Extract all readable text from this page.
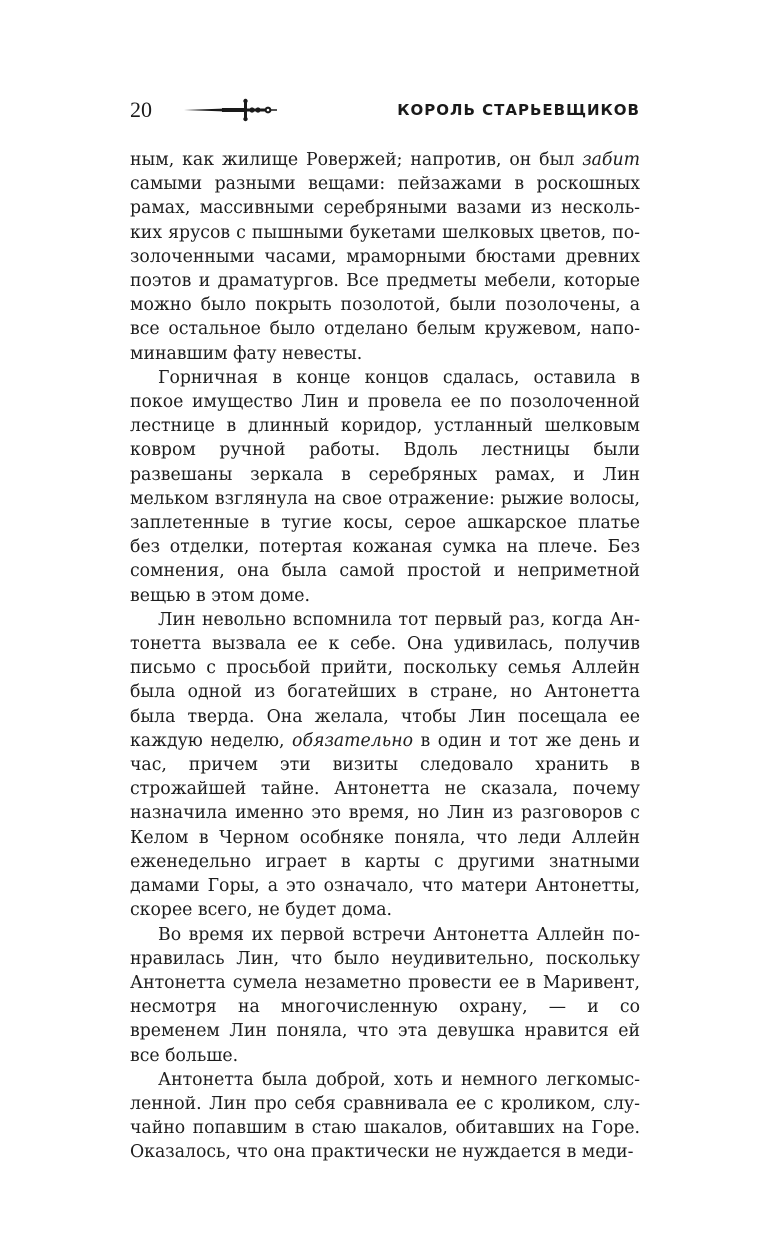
20	КОРОЛЬ СТАРЬЕВЩИКОВ

ным, как жилище Ровержей; напротив, он был забит самыми разными вещами: пейзажами в роскошных рамах, массивными серебряными вазами из нескольких ярусов с пышными букетами шелковых цветов, позолоченными часами, мраморными бюстами древних поэтов и драматургов. Все предметы мебели, которые можно было покрыть позолотой, были позолочены, а все остальное было отделано белым кружевом, напоминавшим фату невесты.

Горничная в конце концов сдалась, оставила в покое имущество Лин и провела ее по позолоченной лестнице в длинный коридор, устланный шелковым ковром ручной работы. Вдоль лестницы были развешаны зеркала в серебряных рамах, и Лин мельком взглянула на свое отражение: рыжие волосы, заплетенные в тугие косы, серое ашкарское платье без отделки, потертая кожаная сумка на плече. Без сомнения, она была самой простой и неприметной вещью в этом доме.

Лин невольно вспомнила тот первый раз, когда Антонетта вызвала ее к себе. Она удивилась, получив письмо с просьбой прийти, поскольку семья Аллейн была одной из богатейших в стране, но Антонетта была тверда. Она желала, чтобы Лин посещала ее каждую неделю, обязательно в один и тот же день и час, причем эти визиты следовало хранить в строжайшей тайне. Антонетта не сказала, почему назначила именно это время, но Лин из разговоров с Келом в Черном особняке поняла, что леди Аллейн еженедельно играет в карты с другими знатными дамами Горы, а это означало, что матери Антонетты, скорее всего, не будет дома.

Во время их первой встречи Антонетта Аллейн понравилась Лин, что было неудивительно, поскольку Антонетта сумела незаметно провести ее в Маривент, несмотря на многочисленную охрану, — и со временем Лин поняла, что эта девушка нравится ей все больше.

Антонетта была доброй, хоть и немного легкомысленной. Лин про себя сравнивала ее с кроликом, случайно попавшим в стаю шакалов, обитавших на Горе. Оказалось, что она практически не нуждается в меди-
